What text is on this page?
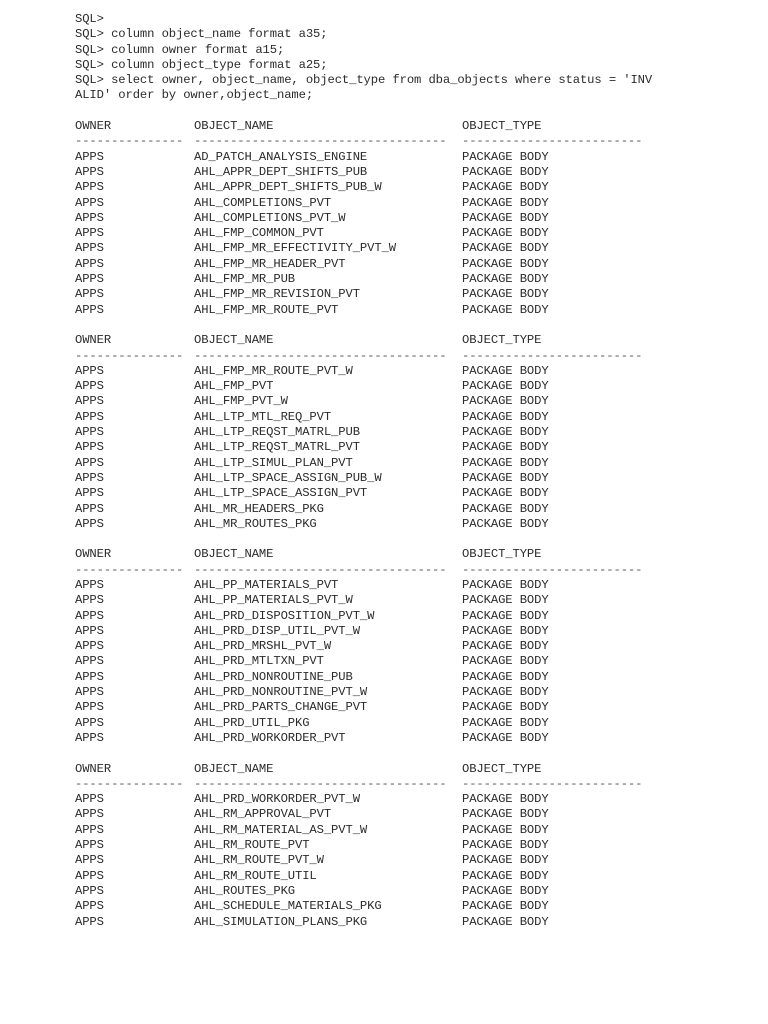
SQL>
SQL> column object_name format a35;
SQL> column owner format a15;
SQL> column object_type format a25;
SQL> select owner, object_name, object_type from dba_objects where status = 'INV
ALID' order by owner,object_name;
OWNER	OBJECT_NAME	OBJECT_TYPE
--------------- -----------------------------------	-------------------------
APPS	AD_PATCH_ANALYSIS_ENGINE	PACKAGE BODY
APPS	AHL_APPR_DEPT_SHIFTS_PUB	PACKAGE BODY
APPS	AHL_APPR_DEPT_SHIFTS_PUB_W	PACKAGE BODY
APPS	AHL_COMPLETIONS_PVT	PACKAGE BODY
APPS	AHL_COMPLETIONS_PVT_W	PACKAGE BODY
APPS	AHL_FMP_COMMON_PVT	PACKAGE BODY
APPS	AHL_FMP_MR_EFFECTIVITY_PVT_W	PACKAGE BODY
APPS	AHL_FMP_MR_HEADER_PVT	PACKAGE BODY
APPS	AHL_FMP_MR_PUB	PACKAGE BODY
APPS	AHL_FMP_MR_REVISION_PVT	PACKAGE BODY
APPS	AHL_FMP_MR_ROUTE_PVT	PACKAGE BODY
OWNER	OBJECT_NAME	OBJECT_TYPE
--------------- -----------------------------------	-------------------------
APPS	AHL_FMP_MR_ROUTE_PVT_W	PACKAGE BODY
APPS	AHL_FMP_PVT	PACKAGE BODY
APPS	AHL_FMP_PVT_W	PACKAGE BODY
APPS	AHL_LTP_MTL_REQ_PVT	PACKAGE BODY
APPS	AHL_LTP_REQST_MATRL_PUB	PACKAGE BODY
APPS	AHL_LTP_REQST_MATRL_PVT	PACKAGE BODY
APPS	AHL_LTP_SIMUL_PLAN_PVT	PACKAGE BODY
APPS	AHL_LTP_SPACE_ASSIGN_PUB_W	PACKAGE BODY
APPS	AHL_LTP_SPACE_ASSIGN_PVT	PACKAGE BODY
APPS	AHL_MR_HEADERS_PKG	PACKAGE BODY
APPS	AHL_MR_ROUTES_PKG	PACKAGE BODY
OWNER	OBJECT_NAME	OBJECT_TYPE
--------------- -----------------------------------	-------------------------
APPS	AHL_PP_MATERIALS_PVT	PACKAGE BODY
APPS	AHL_PP_MATERIALS_PVT_W	PACKAGE BODY
APPS	AHL_PRD_DISPOSITION_PVT_W	PACKAGE BODY
APPS	AHL_PRD_DISP_UTIL_PVT_W	PACKAGE BODY
APPS	AHL_PRD_MRSHL_PVT_W	PACKAGE BODY
APPS	AHL_PRD_MTLTXN_PVT	PACKAGE BODY
APPS	AHL_PRD_NONROUTINE_PUB	PACKAGE BODY
APPS	AHL_PRD_NONROUTINE_PVT_W	PACKAGE BODY
APPS	AHL_PRD_PARTS_CHANGE_PVT	PACKAGE BODY
APPS	AHL_PRD_UTIL_PKG	PACKAGE BODY
APPS	AHL_PRD_WORKORDER_PVT	PACKAGE BODY
OWNER	OBJECT_NAME	OBJECT_TYPE
--------------- -----------------------------------	-------------------------
APPS	AHL_PRD_WORKORDER_PVT_W	PACKAGE BODY
APPS	AHL_RM_APPROVAL_PVT	PACKAGE BODY
APPS	AHL_RM_MATERIAL_AS_PVT_W	PACKAGE BODY
APPS	AHL_RM_ROUTE_PVT	PACKAGE BODY
APPS	AHL_RM_ROUTE_PVT_W	PACKAGE BODY
APPS	AHL_RM_ROUTE_UTIL	PACKAGE BODY
APPS	AHL_ROUTES_PKG	PACKAGE BODY
APPS	AHL_SCHEDULE_MATERIALS_PKG	PACKAGE BODY
APPS	AHL_SIMULATION_PLANS_PKG	PACKAGE BODY
